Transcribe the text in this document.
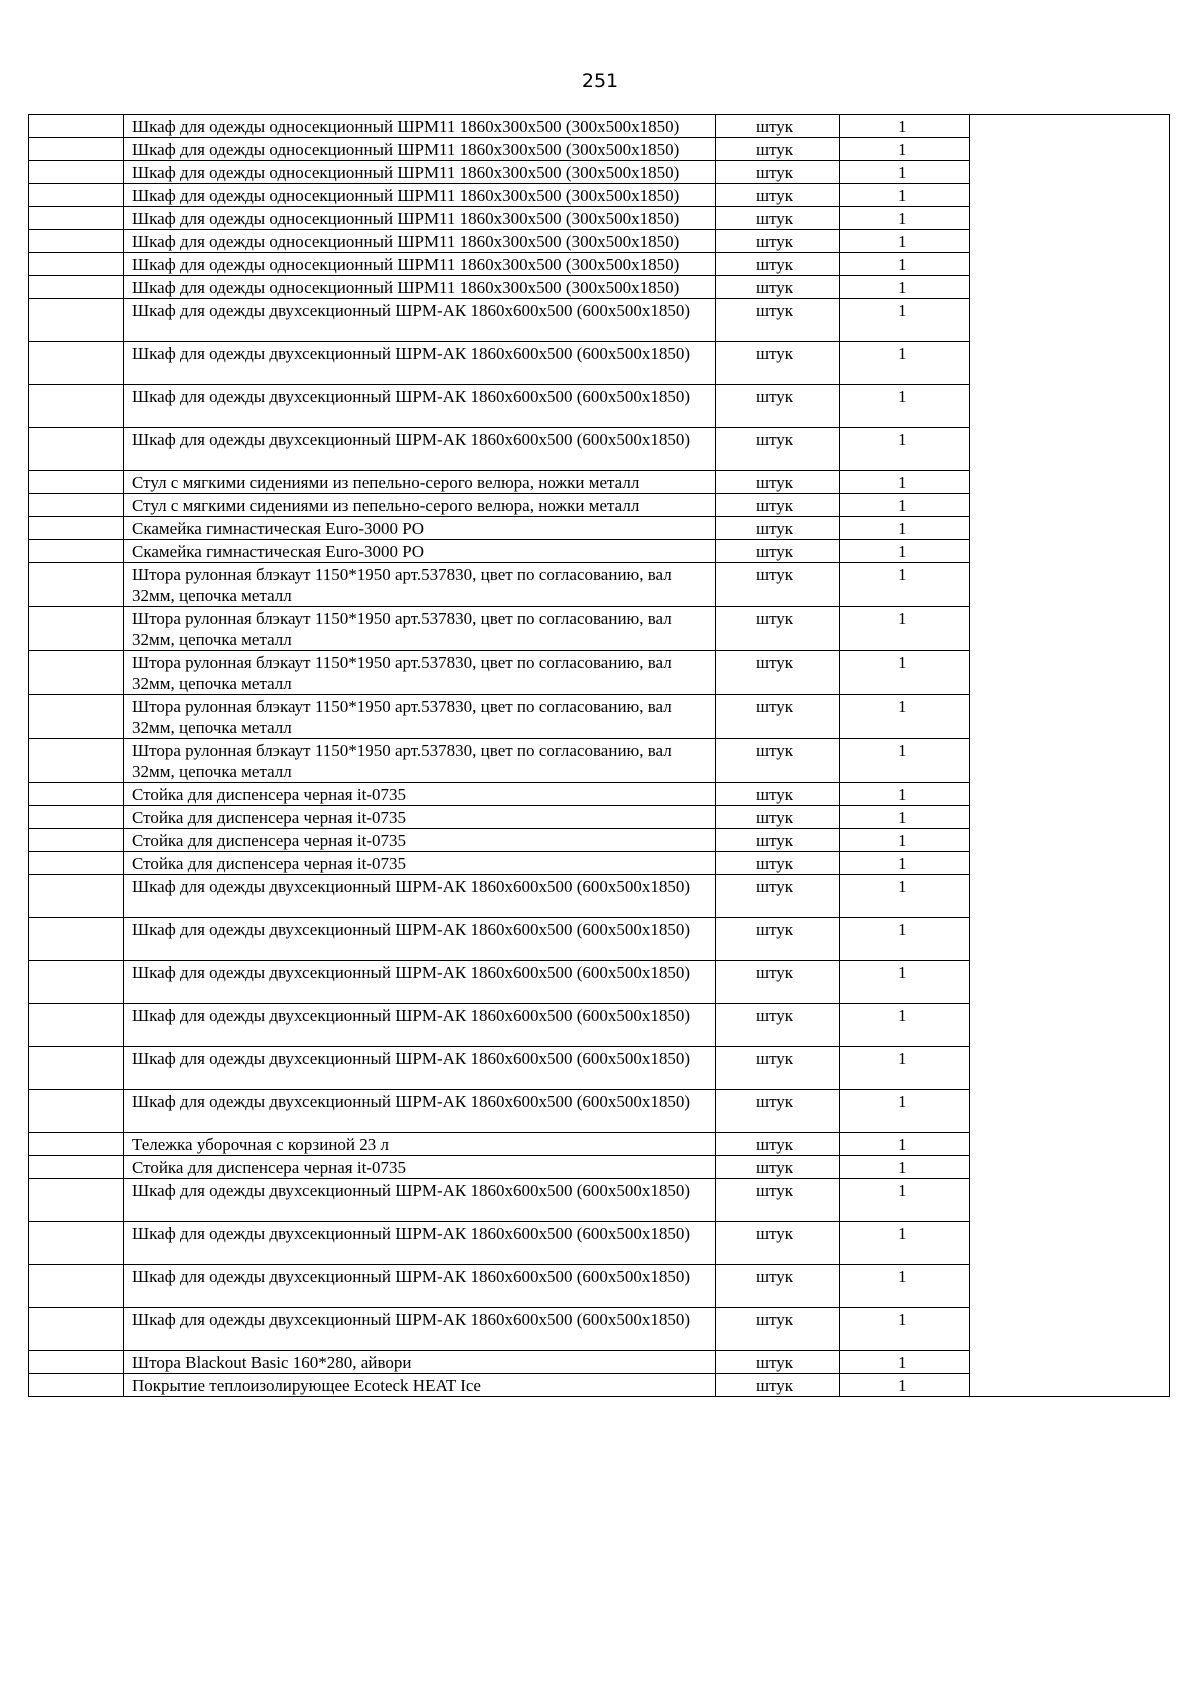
251
	Шкаф для одежды односекционный ШРМ11 1860х300х500 (300х500х1850)	штук	1	
	Шкаф для одежды односекционный ШРМ11 1860х300х500 (300х500х1850)	штук	1	
	Шкаф для одежды односекционный ШРМ11 1860х300х500 (300х500х1850)	штук	1	
	Шкаф для одежды односекционный ШРМ11 1860х300х500 (300х500х1850)	штук	1	
	Шкаф для одежды односекционный ШРМ11 1860х300х500 (300х500х1850)	штук	1	
	Шкаф для одежды односекционный ШРМ11 1860х300х500 (300х500х1850)	штук	1	
	Шкаф для одежды односекционный ШРМ11 1860х300х500 (300х500х1850)	штук	1	
	Шкаф для одежды односекционный ШРМ11 1860х300х500 (300х500х1850)	штук	1	
	Шкаф для одежды двухсекционный ШРМ-АК 1860х600х500 (600х500х1850)	штук	1	
	Шкаф для одежды двухсекционный ШРМ-АК 1860х600х500 (600х500х1850)	штук	1	
	Шкаф для одежды двухсекционный ШРМ-АК 1860х600х500 (600х500х1850)	штук	1	
	Шкаф для одежды двухсекционный ШРМ-АК 1860х600х500 (600х500х1850)	штук	1	
	Стул с мягкими сидениями из пепельно-серого велюра, ножки металл	штук	1	
	Стул с мягкими сидениями из пепельно-серого велюра, ножки металл	штук	1	
	Скамейка гимнастическая Euro-3000 PO	штук	1	
	Скамейка гимнастическая Euro-3000 PO	штук	1	
	Штора рулонная блэкаут 1150*1950 арт.537830, цвет по согласованию, вал 32мм, цепочка металл	штук	1	
	Штора рулонная блэкаут 1150*1950 арт.537830, цвет по согласованию, вал 32мм, цепочка металл	штук	1	
	Штора рулонная блэкаут 1150*1950 арт.537830, цвет по согласованию, вал 32мм, цепочка металл	штук	1	
	Штора рулонная блэкаут 1150*1950 арт.537830, цвет по согласованию, вал 32мм, цепочка металл	штук	1	
	Штора рулонная блэкаут 1150*1950 арт.537830, цвет по согласованию, вал 32мм, цепочка металл	штук	1	
	Стойка для диспенсера черная it-0735	штук	1	
	Стойка для диспенсера черная it-0735	штук	1	
	Стойка для диспенсера черная it-0735	штук	1	
	Стойка для диспенсера черная it-0735	штук	1	
	Шкаф для одежды двухсекционный ШРМ-АК 1860х600х500 (600х500х1850)	штук	1	
	Шкаф для одежды двухсекционный ШРМ-АК 1860х600х500 (600х500х1850)	штук	1	
	Шкаф для одежды двухсекционный ШРМ-АК 1860х600х500 (600х500х1850)	штук	1	
	Шкаф для одежды двухсекционный ШРМ-АК 1860х600х500 (600х500х1850)	штук	1	
	Шкаф для одежды двухсекционный ШРМ-АК 1860х600х500 (600х500х1850)	штук	1	
	Шкаф для одежды двухсекционный ШРМ-АК 1860х600х500 (600х500х1850)	штук	1	
	Тележка уборочная с корзиной 23 л	штук	1	
	Стойка для диспенсера черная it-0735	штук	1	
	Шкаф для одежды двухсекционный ШРМ-АК 1860х600х500 (600х500х1850)	штук	1	
	Шкаф для одежды двухсекционный ШРМ-АК 1860х600х500 (600х500х1850)	штук	1	
	Шкаф для одежды двухсекционный ШРМ-АК 1860х600х500 (600х500х1850)	штук	1	
	Шкаф для одежды двухсекционный ШРМ-АК 1860х600х500 (600х500х1850)	штук	1	
	Штора Blackout Basic 160*280, айвори	штук	1	
	Покрытие теплоизолирующее Ecoteck HEAT Ice	штук	1	
